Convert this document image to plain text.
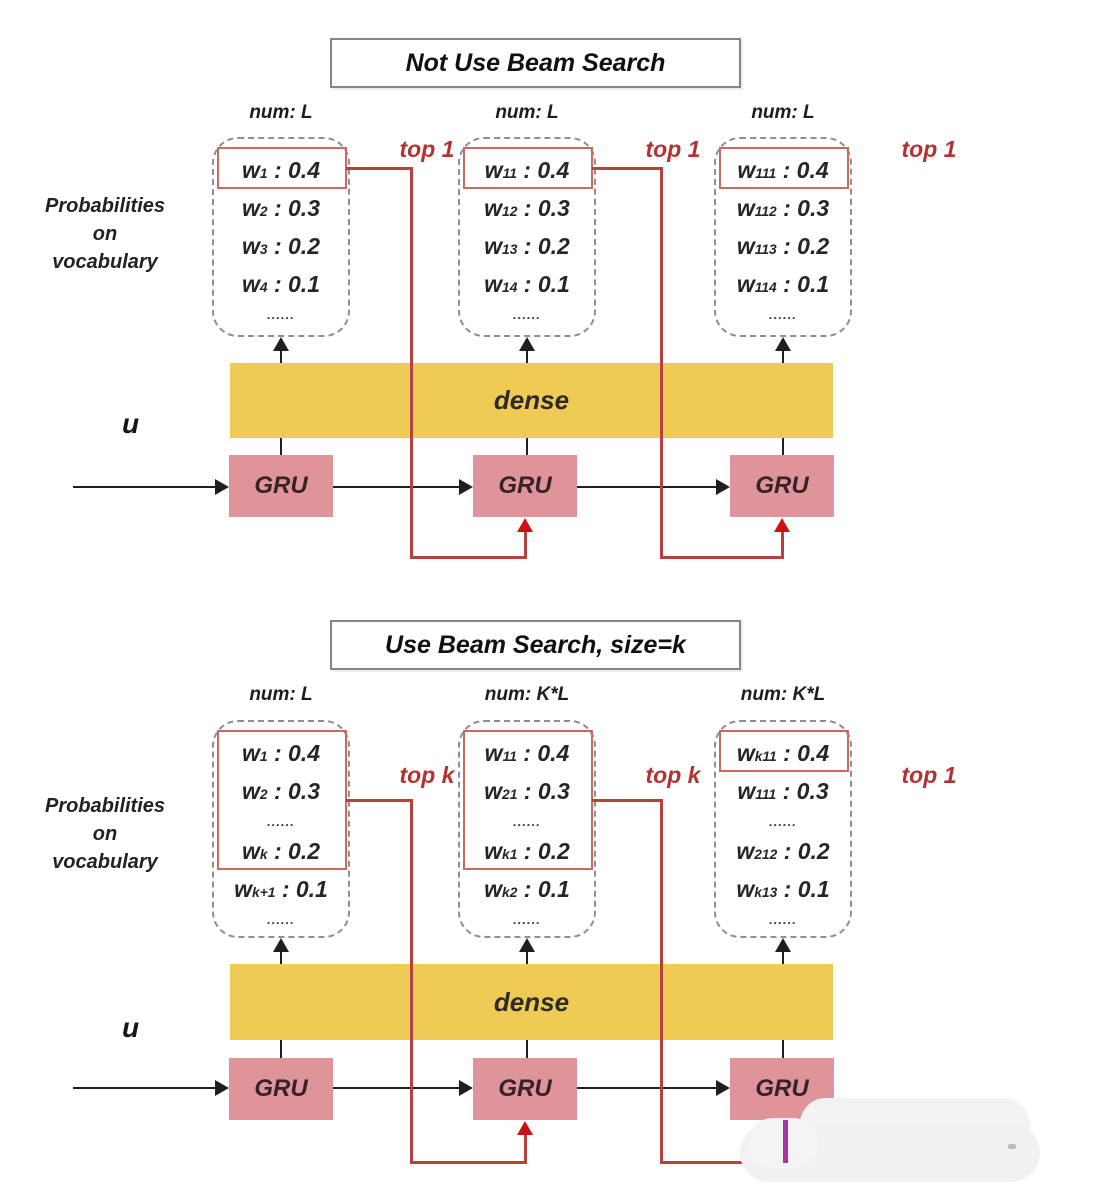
Not Use Beam Search
Probabilities
on
vocabulary
dense
GRU	GRU	GRU
u
num: L
$w_1$ : 0.4
$w_2$ : 0.3
$w_3$ : 0.2
$w_4$ : 0.1
......
top 1
num: L
$w_{11}$ : 0.4
$w_{12}$ : 0.3
$w_{13}$ : 0.2
$w_{14}$ : 0.1
......
top 1
num: L
$w_{111}$ : 0.4
$w_{112}$ : 0.3
$w_{113}$ : 0.2
$w_{114}$ : 0.1
......
top 1
Use Beam Search, size=k
Probabilities
on
vocabulary
dense
GRU	GRU	GRU
u
num: L
$w_1$ : 0.4
$w_2$ : 0.3
......
$w_k$ : 0.2
$w_{k+1}$ : 0.1
......
top k
num: K*L
$w_{11}$ : 0.4
$w_{21}$ : 0.3
......
$w_{k1}$ : 0.2
$w_{k2}$ : 0.1
......
top k
num: K*L
$w_{k11}$ : 0.4
$w_{111}$ : 0.3
......
$w_{212}$ : 0.2
$w_{k13}$ : 0.1
......
top 1
